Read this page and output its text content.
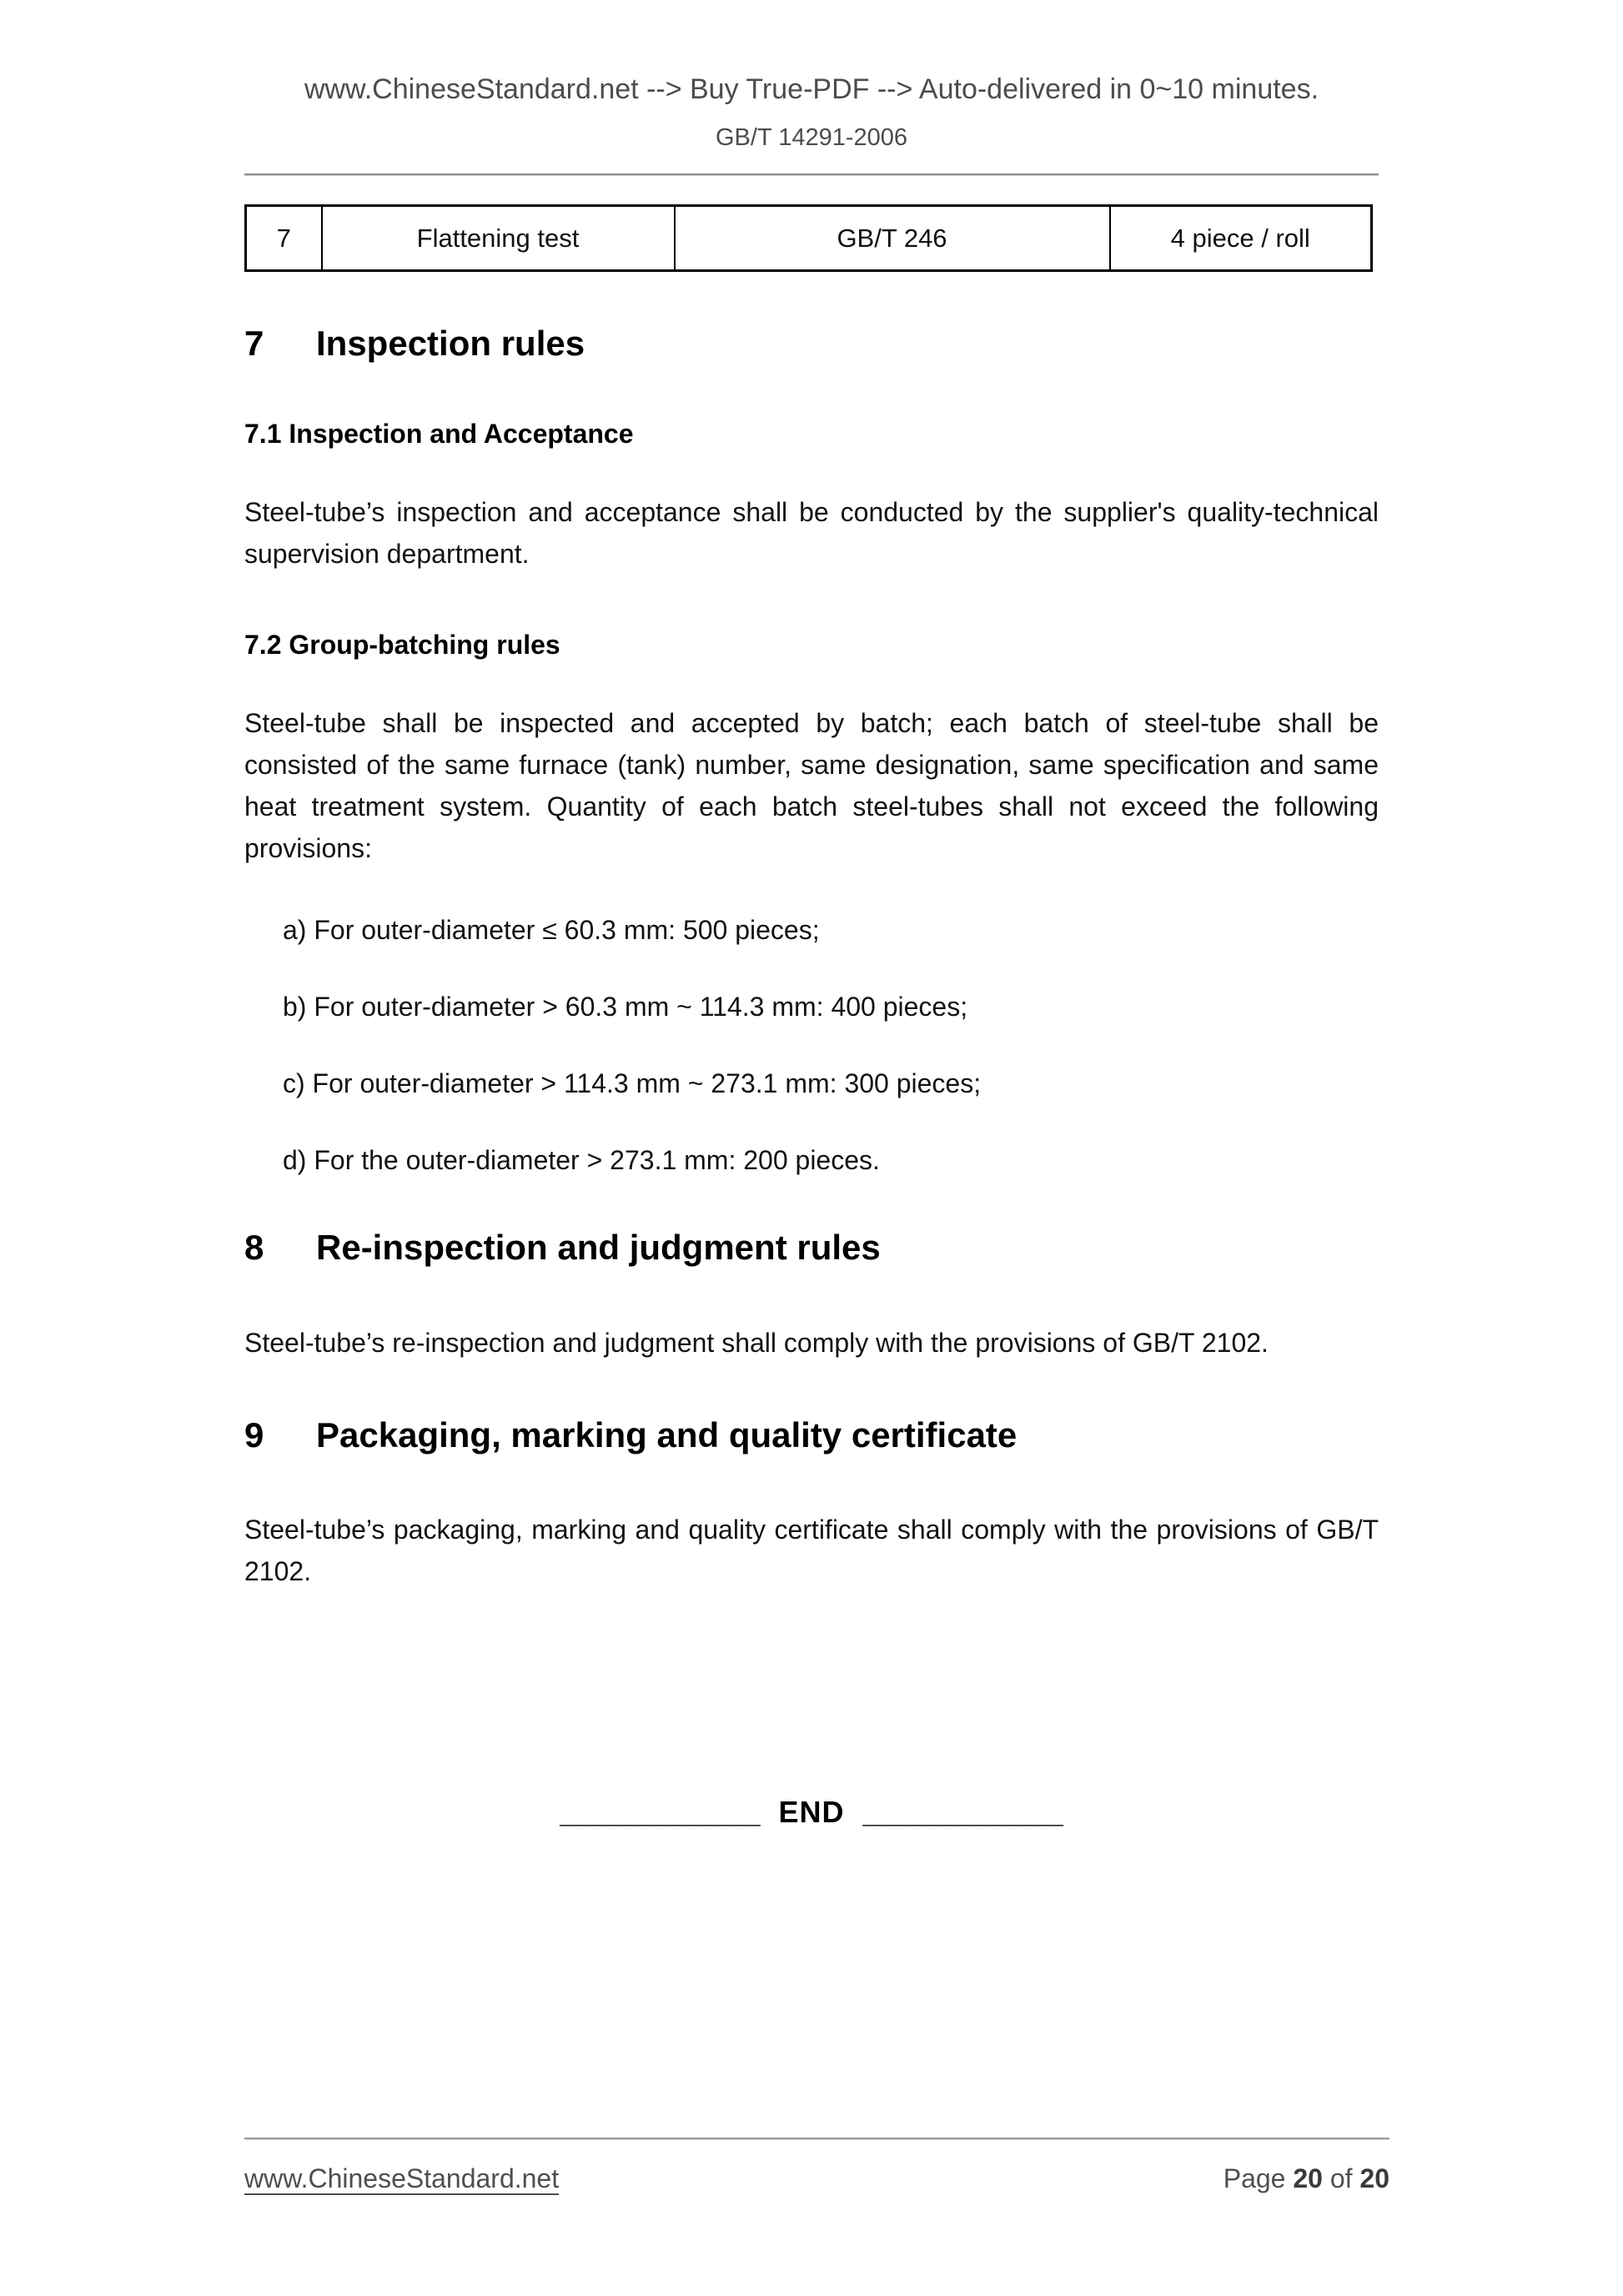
www.ChineseStandard.net --> Buy True-PDF --> Auto-delivered in 0~10 minutes.
GB/T 14291-2006
7	Flattening test	GB/T 246	4 piece / roll
7 Inspection rules
7.1 Inspection and Acceptance

Steel-tube’s inspection and acceptance shall be conducted by the supplier's quality-technical supervision department.

7.2 Group-batching rules

Steel-tube shall be inspected and accepted by batch; each batch of steel-tube shall be consisted of the same furnace (tank) number, same designation, same specification and same heat treatment system. Quantity of each batch steel-tubes shall not exceed the following provisions:

a) For outer-diameter ≤ 60.3 mm: 500 pieces;
b) For outer-diameter > 60.3 mm ~ 114.3 mm: 400 pieces;
c) For outer-diameter > 114.3 mm ~ 273.1 mm: 300 pieces;
d) For the outer-diameter > 273.1 mm: 200 pieces.
8 Re-inspection and judgment rules

Steel-tube’s re-inspection and judgment shall comply with the provisions of GB/T 2102.

9 Packaging, marking and quality certificate

Steel-tube’s packaging, marking and quality certificate shall comply with the provisions of GB/T 2102.

____________ END ____________
www.ChineseStandard.net	Page 20 of 20
